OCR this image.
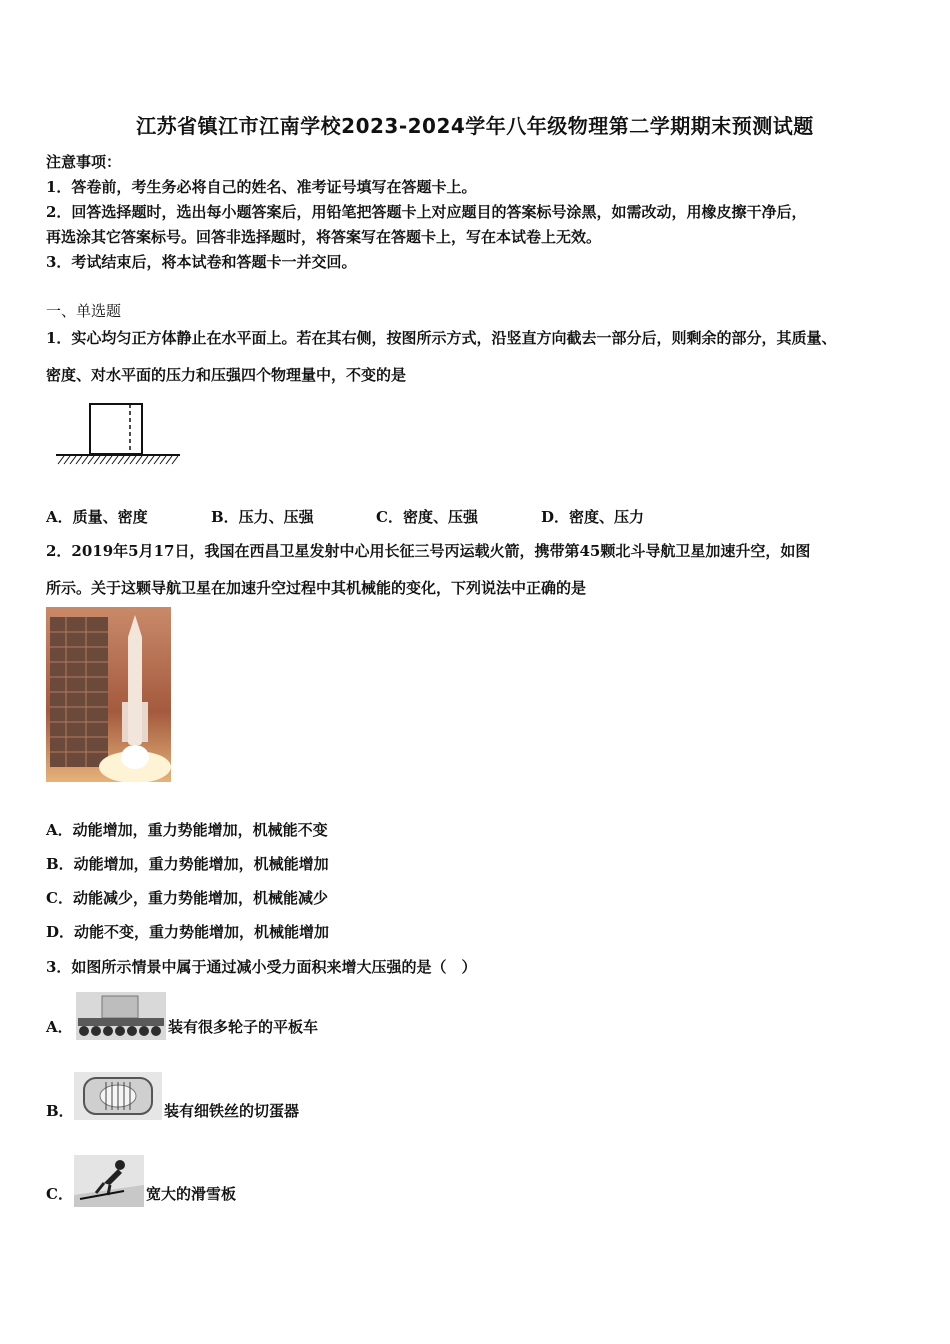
江苏省镇江市江南学校2023-2024学年八年级物理第二学期期末预测试题
注意事项：
1．答卷前，考生务必将自己的姓名、准考证号填写在答题卡上。
2．回答选择题时，选出每小题答案后，用铅笔把答题卡上对应题目的答案标号涂黑，如需改动，用橡皮擦干净后，
再选涂其它答案标号。回答非选择题时，将答案写在答题卡上，写在本试卷上无效。
3．考试结束后，将本试卷和答题卡一并交回。
一、单选题
1．实心均匀正方体静止在水平面上。若在其右侧，按图所示方式，沿竖直方向截去一部分后，则剩余的部分，其质量、
密度、对水平面的压力和压强四个物理量中，不变的是
A．质量、密度	B．压力、压强	C．密度、压强	D．密度、压力
2．2019年5月17日，我国在西昌卫星发射中心用长征三号丙运载火箭，携带第45颗北斗导航卫星加速升空，如图
所示。关于这颗导航卫星在加速升空过程中其机械能的变化，下列说法中正确的是
A．动能增加，重力势能增加，机械能不变
B．动能增加，重力势能增加，机械能增加
C．动能减少，重力势能增加，机械能减少
D．动能不变，重力势能增加，机械能增加
3．如图所示情景中属于通过减小受力面积来增大压强的是（　）
A．	装有很多轮子的平板车
B．	装有细铁丝的切蛋器
C．	宽大的滑雪板
